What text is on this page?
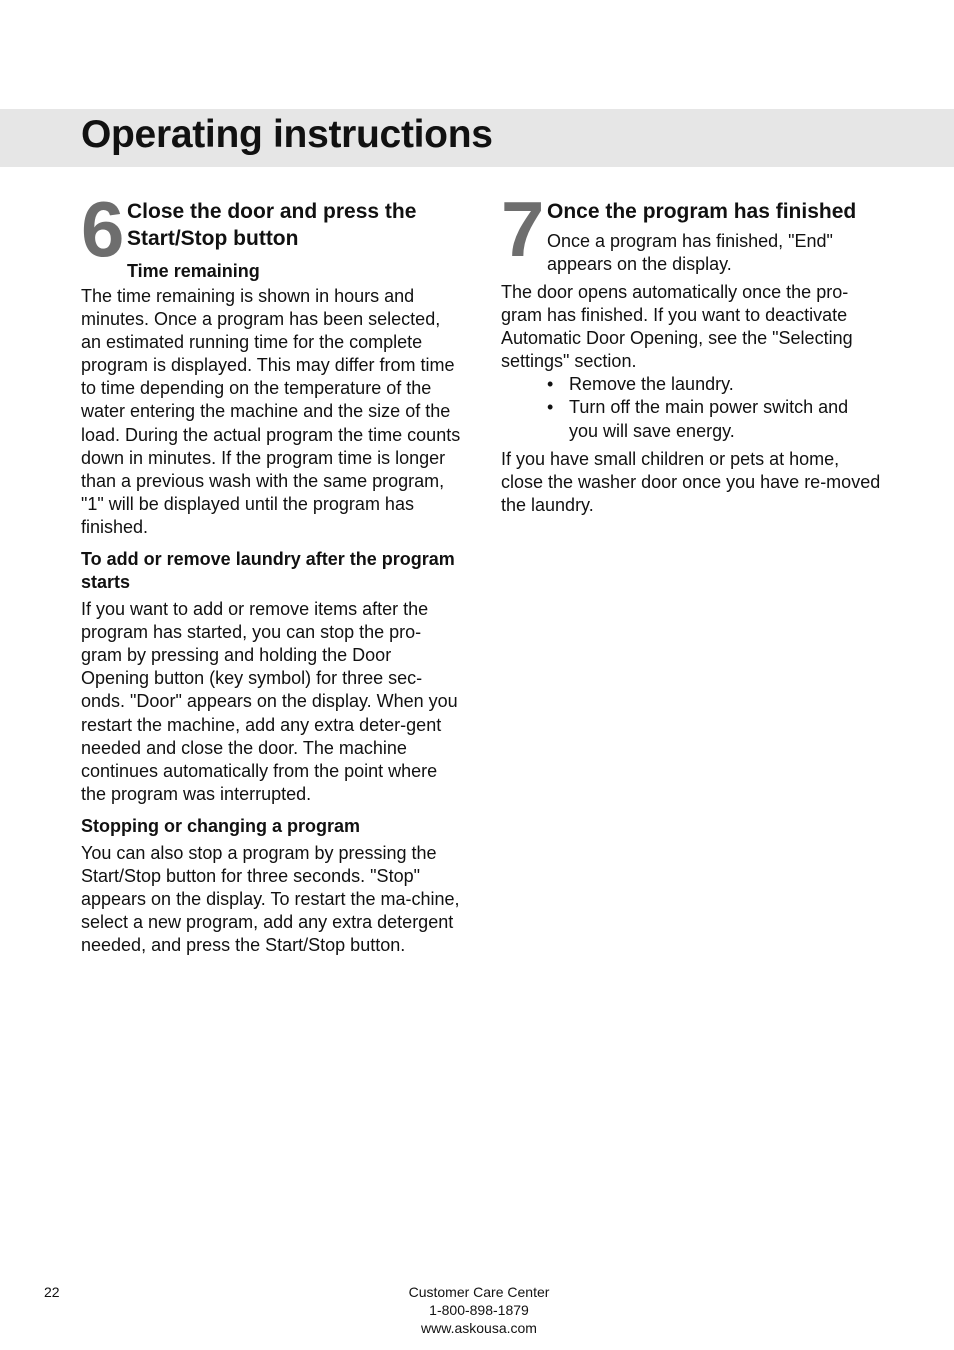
Operating instructions
6 Close the door and press the Start/Stop button
Time remaining

The time remaining is shown in hours and minutes. Once a program has been selected, an estimated running time for the complete program is displayed. This may differ from time to time depending on the temperature of the water entering the machine and the size of the load. During the actual program the time counts down in minutes. If the program time is longer than a previous wash with the same program, "1" will be displayed until the program has finished.

To add or remove laundry after the program starts

If you want to add or remove items after the program has started, you can stop the pro-gram by pressing and holding the Door Opening button (key symbol) for three sec-onds. "Door" appears on the display. When you restart the machine, add any extra deter-gent needed and close the door. The machine continues automatically from the point where the program was interrupted.

Stopping or changing a program

You can also stop a program by pressing the Start/Stop button for three seconds. "Stop" appears on the display. To restart the ma-chine, select a new program, add any extra detergent needed, and press the Start/Stop button.

7 Once the program has finished

Once a program has finished, "End" appears on the display.

The door opens automatically once the pro-gram has finished. If you want to deactivate Automatic Door Opening, see the "Selecting settings" section.

• Remove the laundry.
• Turn off the main power switch and you will save energy.

If you have small children or pets at home, close the washer door once you have re-moved the laundry.

22	Customer Care Center
1-800-898-1879
www.askousa.com
